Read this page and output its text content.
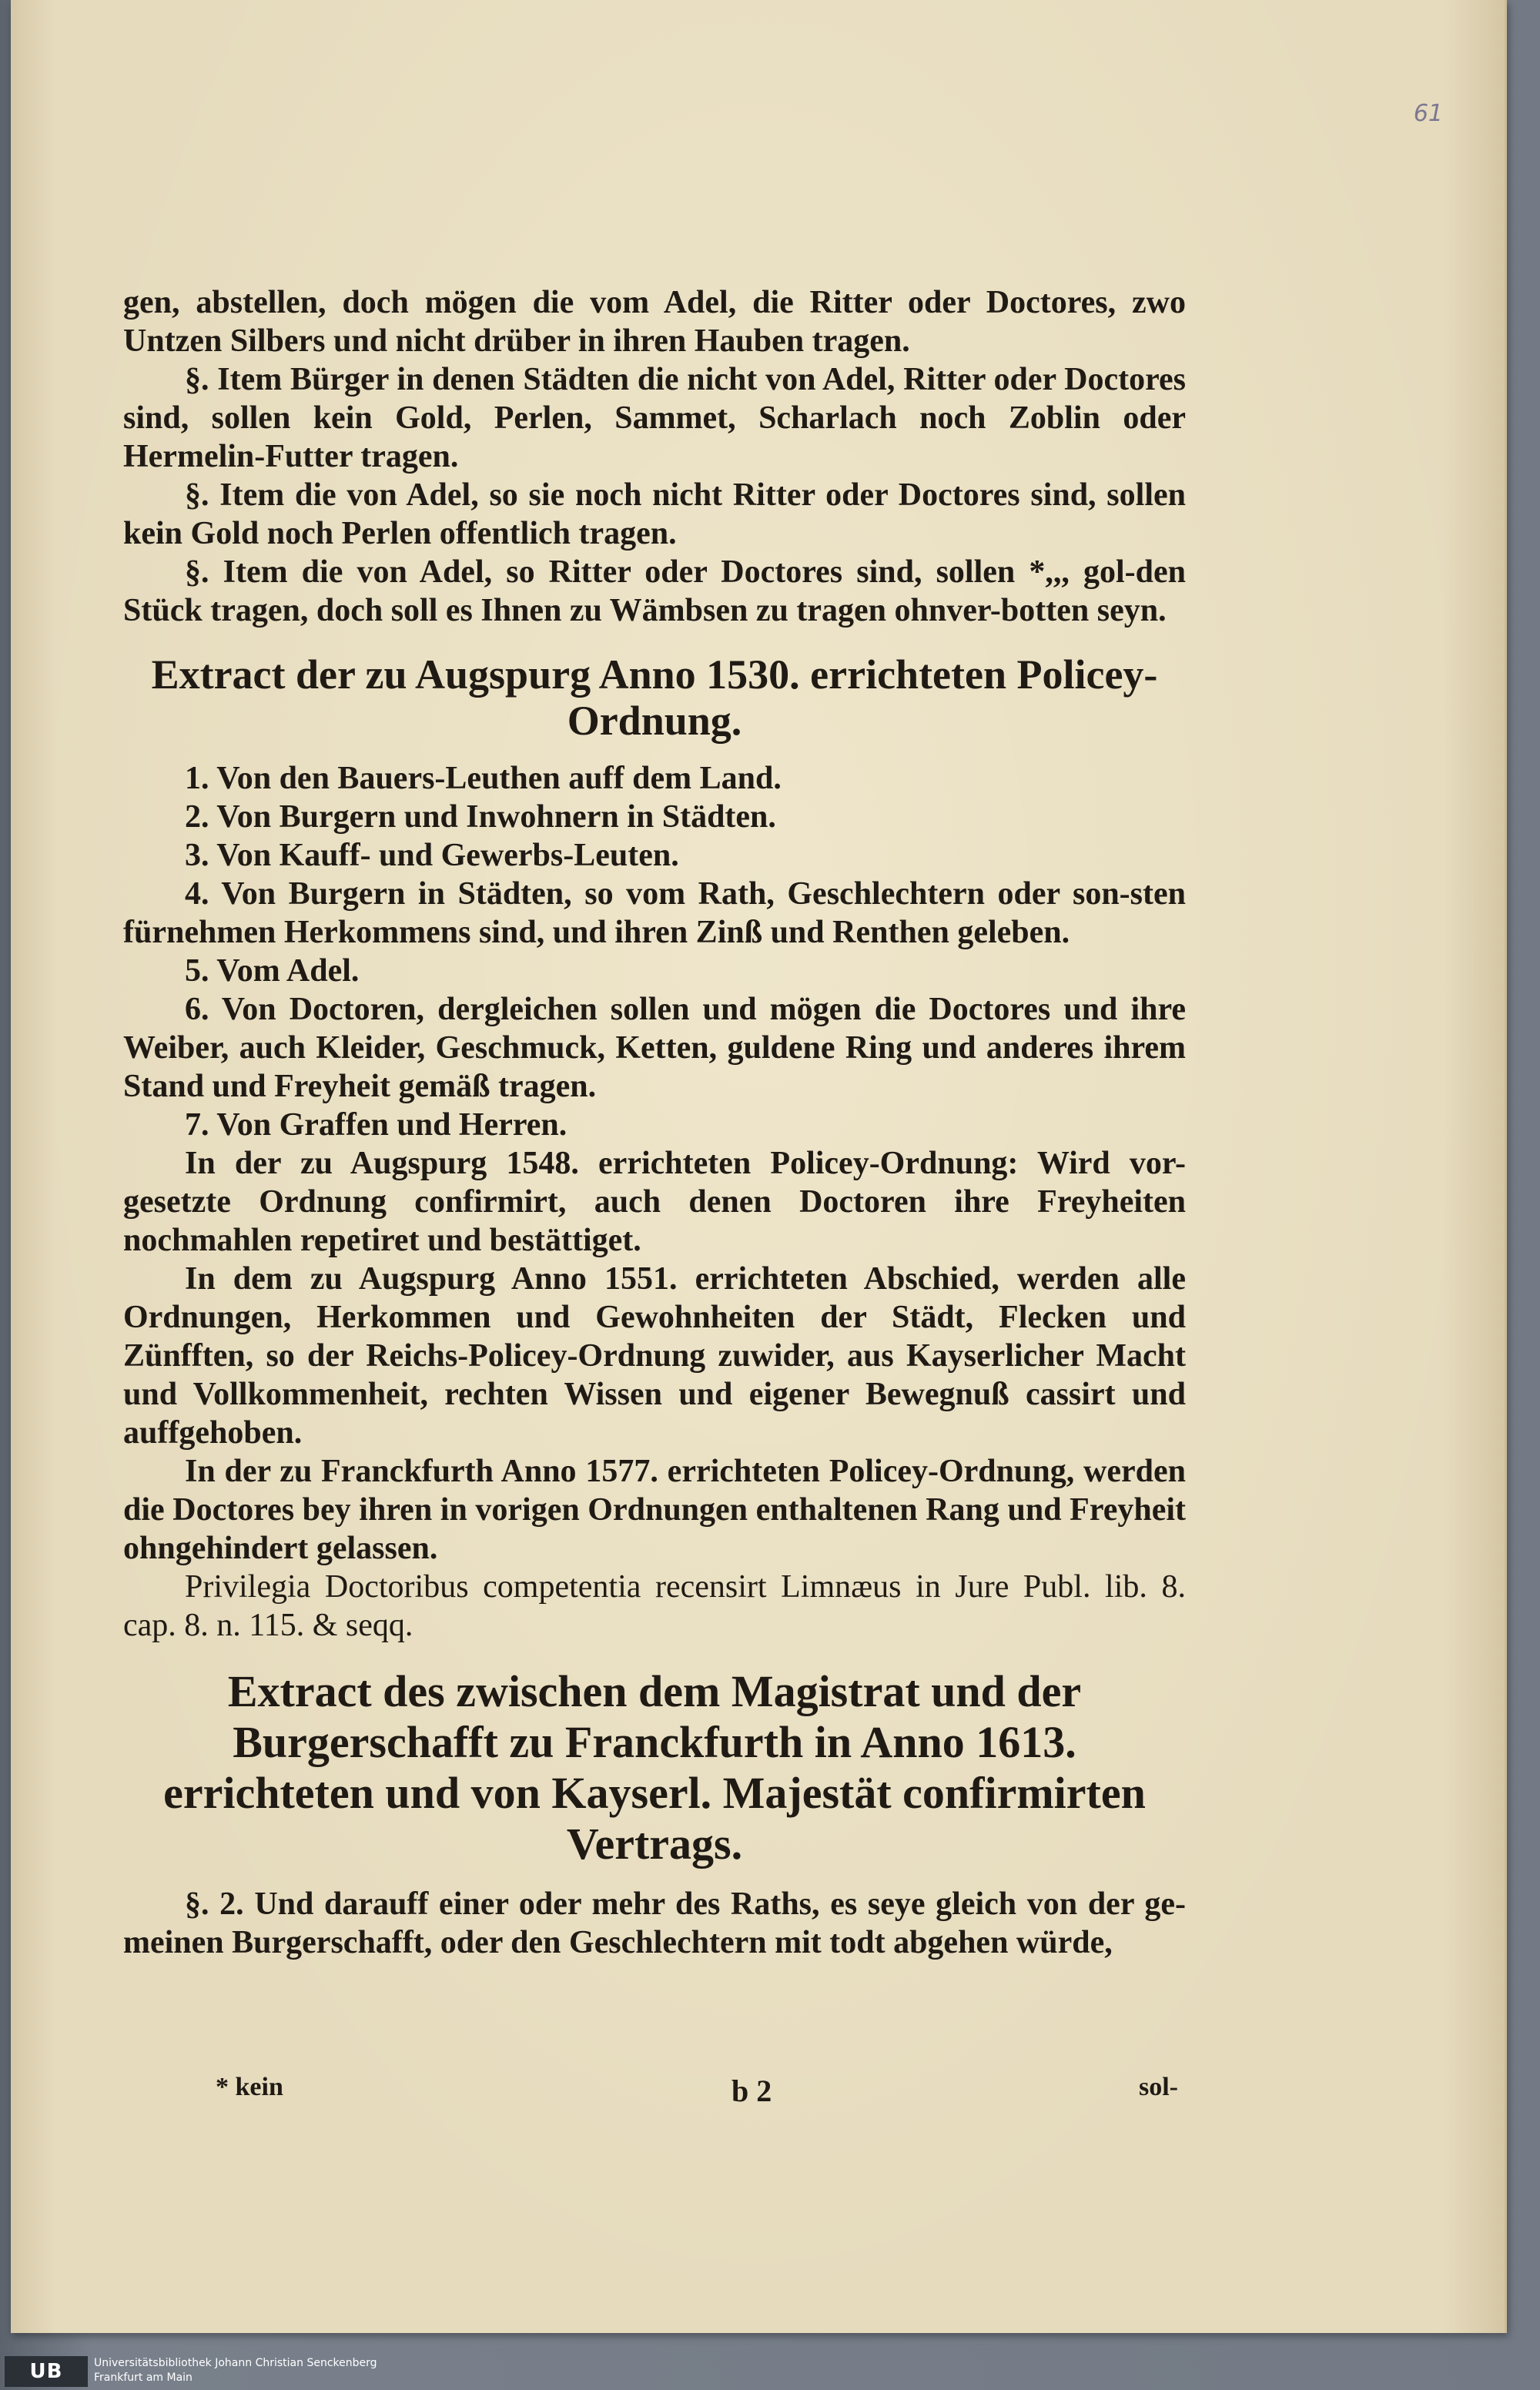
61

gen, abstellen, doch mögen die vom Adel, die Ritter oder Doctores, zwo Untzen Silbers und nicht drüber in ihren Hauben tragen.

§. Item Bürger in denen Städten die nicht von Adel, Ritter oder Doctores sind, sollen kein Gold, Perlen, Sammet, Scharlach noch Zoblin oder Hermelin-Futter tragen.

§. Item die von Adel, so sie noch nicht Ritter oder Doctores sind, sollen kein Gold noch Perlen offentlich tragen.

§. Item die von Adel, so Ritter oder Doctores sind, sollen *,,, gol-den Stück tragen, doch soll es Ihnen zu Wämbsen zu tragen ohnver-botten seyn.

Extract der zu Augspurg Anno 1530. errichteten Policey-Ordnung.

1. Von den Bauers-Leuthen auff dem Land.

2. Von Burgern und Inwohnern in Städten.

3. Von Kauff- und Gewerbs-Leuten.

4. Von Burgern in Städten, so vom Rath, Geschlechtern oder son-sten fürnehmen Herkommens sind, und ihren Zinß und Renthen geleben.

5. Vom Adel.

6. Von Doctoren, dergleichen sollen und mögen die Doctores und ihre Weiber, auch Kleider, Geschmuck, Ketten, guldene Ring und anderes ihrem Stand und Freyheit gemäß tragen.

7. Von Graffen und Herren.

In der zu Augspurg 1548. errichteten Policey-Ordnung: Wird vor-gesetzte Ordnung confirmirt, auch denen Doctoren ihre Freyheiten nochmahlen repetiret und bestättiget.

In dem zu Augspurg Anno 1551. errichteten Abschied, werden alle Ordnungen, Herkommen und Gewohnheiten der Städt, Flecken und Zünfften, so der Reichs-Policey-Ordnung zuwider, aus Kayserlicher Macht und Vollkommenheit, rechten Wissen und eigener Bewegnuß cassirt und auffgehoben.

In der zu Franckfurth Anno 1577. errichteten Policey-Ordnung, werden die Doctores bey ihren in vorigen Ordnungen enthaltenen Rang und Freyheit ohngehindert gelassen.

Privilegia Doctoribus competentia recensirt Limnæus in Jure Publ. lib. 8. cap. 8. n. 115. & seqq.

Extract des zwischen dem Magistrat und der Burgerschafft zu Franckfurth in Anno 1613. errichteten und von Kayserl. Majestät confirmirten Vertrags.

§. 2. Und darauff einer oder mehr des Raths, es seye gleich von der ge-meinen Burgerschafft, oder den Geschlechtern mit todt abgehen würde,

* kein	b 2	sol-
UB	Universitätsbibliothek Johann Christian Senckenberg
Frankfurt am Main
